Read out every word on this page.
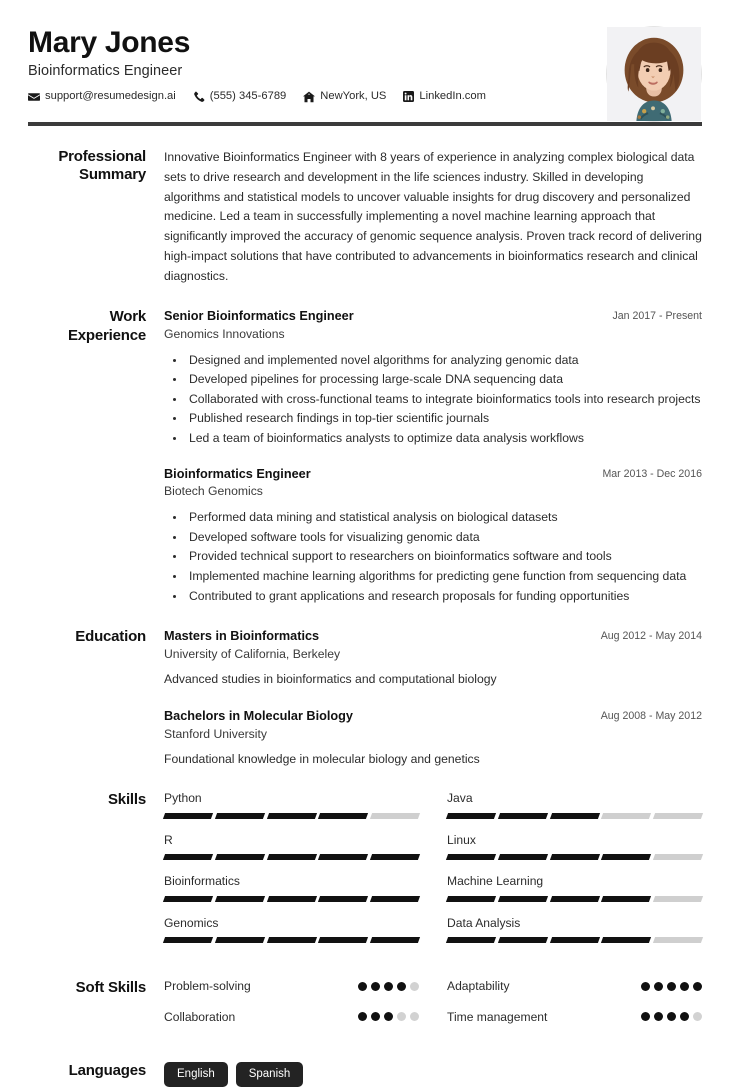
Mary Jones
Bioinformatics Engineer
support@resumedesign.ai	(555) 345-6789	NewYork, US	LinkedIn.com
Professional Summary
Innovative Bioinformatics Engineer with 8 years of experience in analyzing complex biological data sets to drive research and development in the life sciences industry. Skilled in developing algorithms and statistical models to uncover valuable insights for drug discovery and personalized medicine. Led a team in successfully implementing a novel machine learning approach that significantly improved the accuracy of genomic sequence analysis. Proven track record of delivering high-impact solutions that have contributed to advancements in bioinformatics research and clinical diagnostics.
Work Experience
Senior Bioinformatics Engineer	Jan 2017 - Present
Genomics Innovations
• Designed and implemented novel algorithms for analyzing genomic data
• Developed pipelines for processing large-scale DNA sequencing data
• Collaborated with cross-functional teams to integrate bioinformatics tools into research projects
• Published research findings in top-tier scientific journals
• Led a team of bioinformatics analysts to optimize data analysis workflows
Bioinformatics Engineer	Mar 2013 - Dec 2016
Biotech Genomics
• Performed data mining and statistical analysis on biological datasets
• Developed software tools for visualizing genomic data
• Provided technical support to researchers on bioinformatics software and tools
• Implemented machine learning algorithms for predicting gene function from sequencing data
• Contributed to grant applications and research proposals for funding opportunities
Education	Masters in Bioinformatics	Aug 2012 - May 2014
University of California, Berkeley
Advanced studies in bioinformatics and computational biology
Bachelors in Molecular Biology	Aug 2008 - May 2012
Stanford University
Foundational knowledge in molecular biology and genetics
Skills	Python	Java
R	Linux
Bioinformatics	Machine Learning
Genomics	Data Analysis
Soft Skills	Problem-solving	Adaptability
Collaboration	Time management
Languages	English	Spanish
